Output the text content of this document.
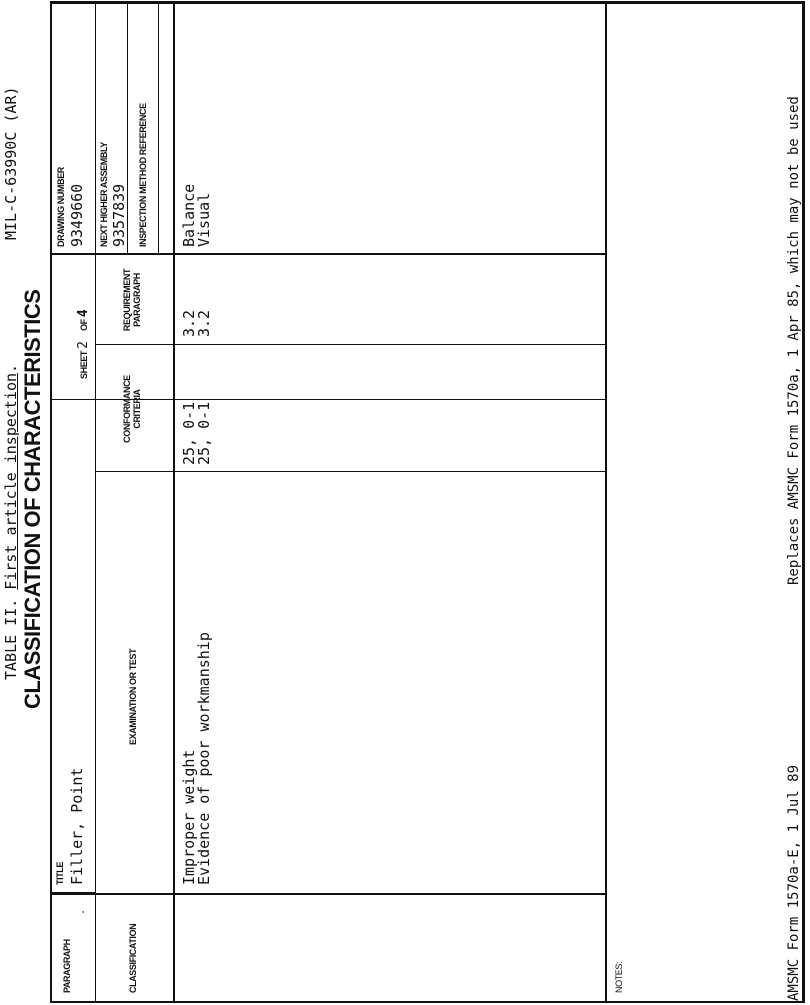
TABLE II. First article inspection.
MIL-C-63990C (AR)
CLASSIFICATION OF CHARACTERISTICS
PARAGRAPH
.
TITLE Filler, Point
SHEET 2     OF 4
DRAWING NUMBER 9349660 NEXT HIGHER ASSEMBLY 9357839 INSPECTION METHOD REFERENCE
CLASSIFICATION
EXAMINATION OR TEST
CONFORMANCE CRITERIA
REQUIREMENT PARAGRAPH
Improper weight
25, 0-1
3.2
Balance
Evidence of poor workmanship
25, 0-1
3.2
Visual
NOTES:	AMSMC Form 1570a-E, 1 Jul 89
Replaces AMSMC Form 1570a, 1 Apr 85, which may not be used
